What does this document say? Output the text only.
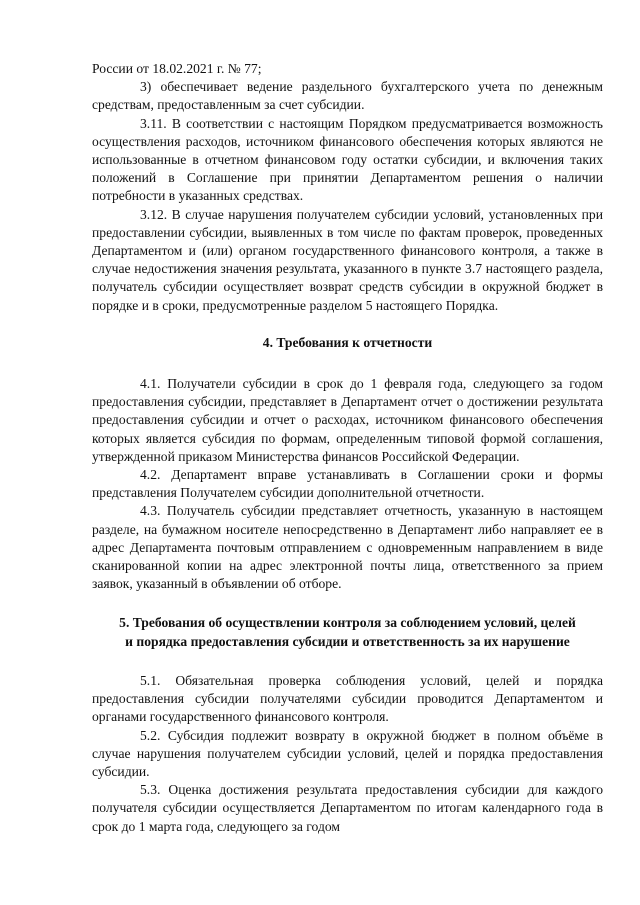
России от 18.02.2021 г. № 77;

3) обеспечивает ведение раздельного бухгалтерского учета по денежным средствам, предоставленным за счет субсидии.

3.11. В соответствии с настоящим Порядком предусматривается возможность осуществления расходов, источником финансового обеспечения которых являются не использованные в отчетном финансовом году остатки субсидии, и включения таких положений в Соглашение при принятии Департаментом решения о наличии потребности в указанных средствах.

3.12. В случае нарушения получателем субсидии условий, установленных при предоставлении субсидии, выявленных в том числе по фактам проверок, проведенных Департаментом и (или) органом государственного финансового контроля, а также в случае недостижения значения результата, указанного в пункте 3.7 настоящего раздела, получатель субсидии осуществляет возврат средств субсидии в окружной бюджет в порядке и в сроки, предусмотренные разделом 5 настоящего Порядка.

4. Требования к отчетности

4.1. Получатели субсидии в срок до 1 февраля года, следующего за годом предоставления субсидии, представляет в Департамент отчет о достижении результата предоставления субсидии и отчет о расходах, источником финансового обеспечения которых является субсидия по формам, определенным типовой формой соглашения, утвержденной приказом Министерства финансов Российской Федерации.

4.2. Департамент вправе устанавливать в Соглашении сроки и формы представления Получателем субсидии дополнительной отчетности.

4.3. Получатель субсидии представляет отчетность, указанную в настоящем разделе, на бумажном носителе непосредственно в Департамент либо направляет ее в адрес Департамента почтовым отправлением с одновременным направлением в виде сканированной копии на адрес электронной почты лица, ответственного за прием заявок, указанный в объявлении об отборе.

5. Требования об осуществлении контроля за соблюдением условий, целей
и порядка предоставления субсидии и ответственность за их нарушение

5.1. Обязательная проверка соблюдения условий, целей и порядка предоставления субсидии получателями субсидии проводится Департаментом и органами государственного финансового контроля.

5.2. Субсидия подлежит возврату в окружной бюджет в полном объёме в случае нарушения получателем субсидии условий, целей и порядка предоставления субсидии.

5.3. Оценка достижения результата предоставления субсидии для каждого получателя субсидии осуществляется Департаментом по итогам календарного года в срок до 1 марта года, следующего за годом
